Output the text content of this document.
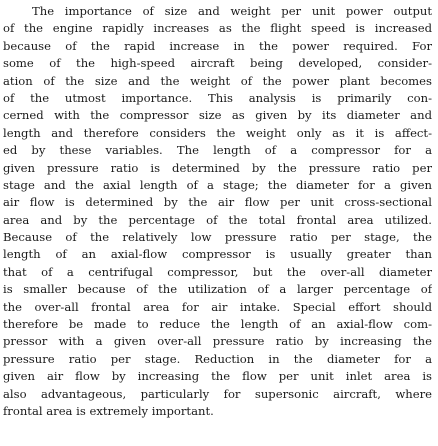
The importance of size and weight per unit power output
of the engine rapidly increases as the flight speed is increased
because of the rapid increase in the power required. For
some of the high-speed aircraft being developed, consider-
ation of the size and the weight of the power plant becomes
of the utmost importance. This analysis is primarily con-
cerned with the compressor size as given by its diameter and
length and therefore considers the weight only as it is affect-
ed by these variables. The length of a compressor for a
given pressure ratio is determined by the pressure ratio per
stage and the axial length of a stage; the diameter for a given
air flow is determined by the air flow per unit cross-sectional
area and by the percentage of the total frontal area utilized.
Because of the relatively low pressure ratio per stage, the
length of an axial-flow compressor is usually greater than
that of a centrifugal compressor, but the over-all diameter
is smaller because of the utilization of a larger percentage of
the over-all frontal area for air intake. Special effort should
therefore be made to reduce the length of an axial-flow com-
pressor with a given over-all pressure ratio by increasing the
pressure ratio per stage. Reduction in the diameter for a
given air flow by increasing the flow per unit inlet area is
also advantageous, particularly for supersonic aircraft, where
frontal area is extremely important.
